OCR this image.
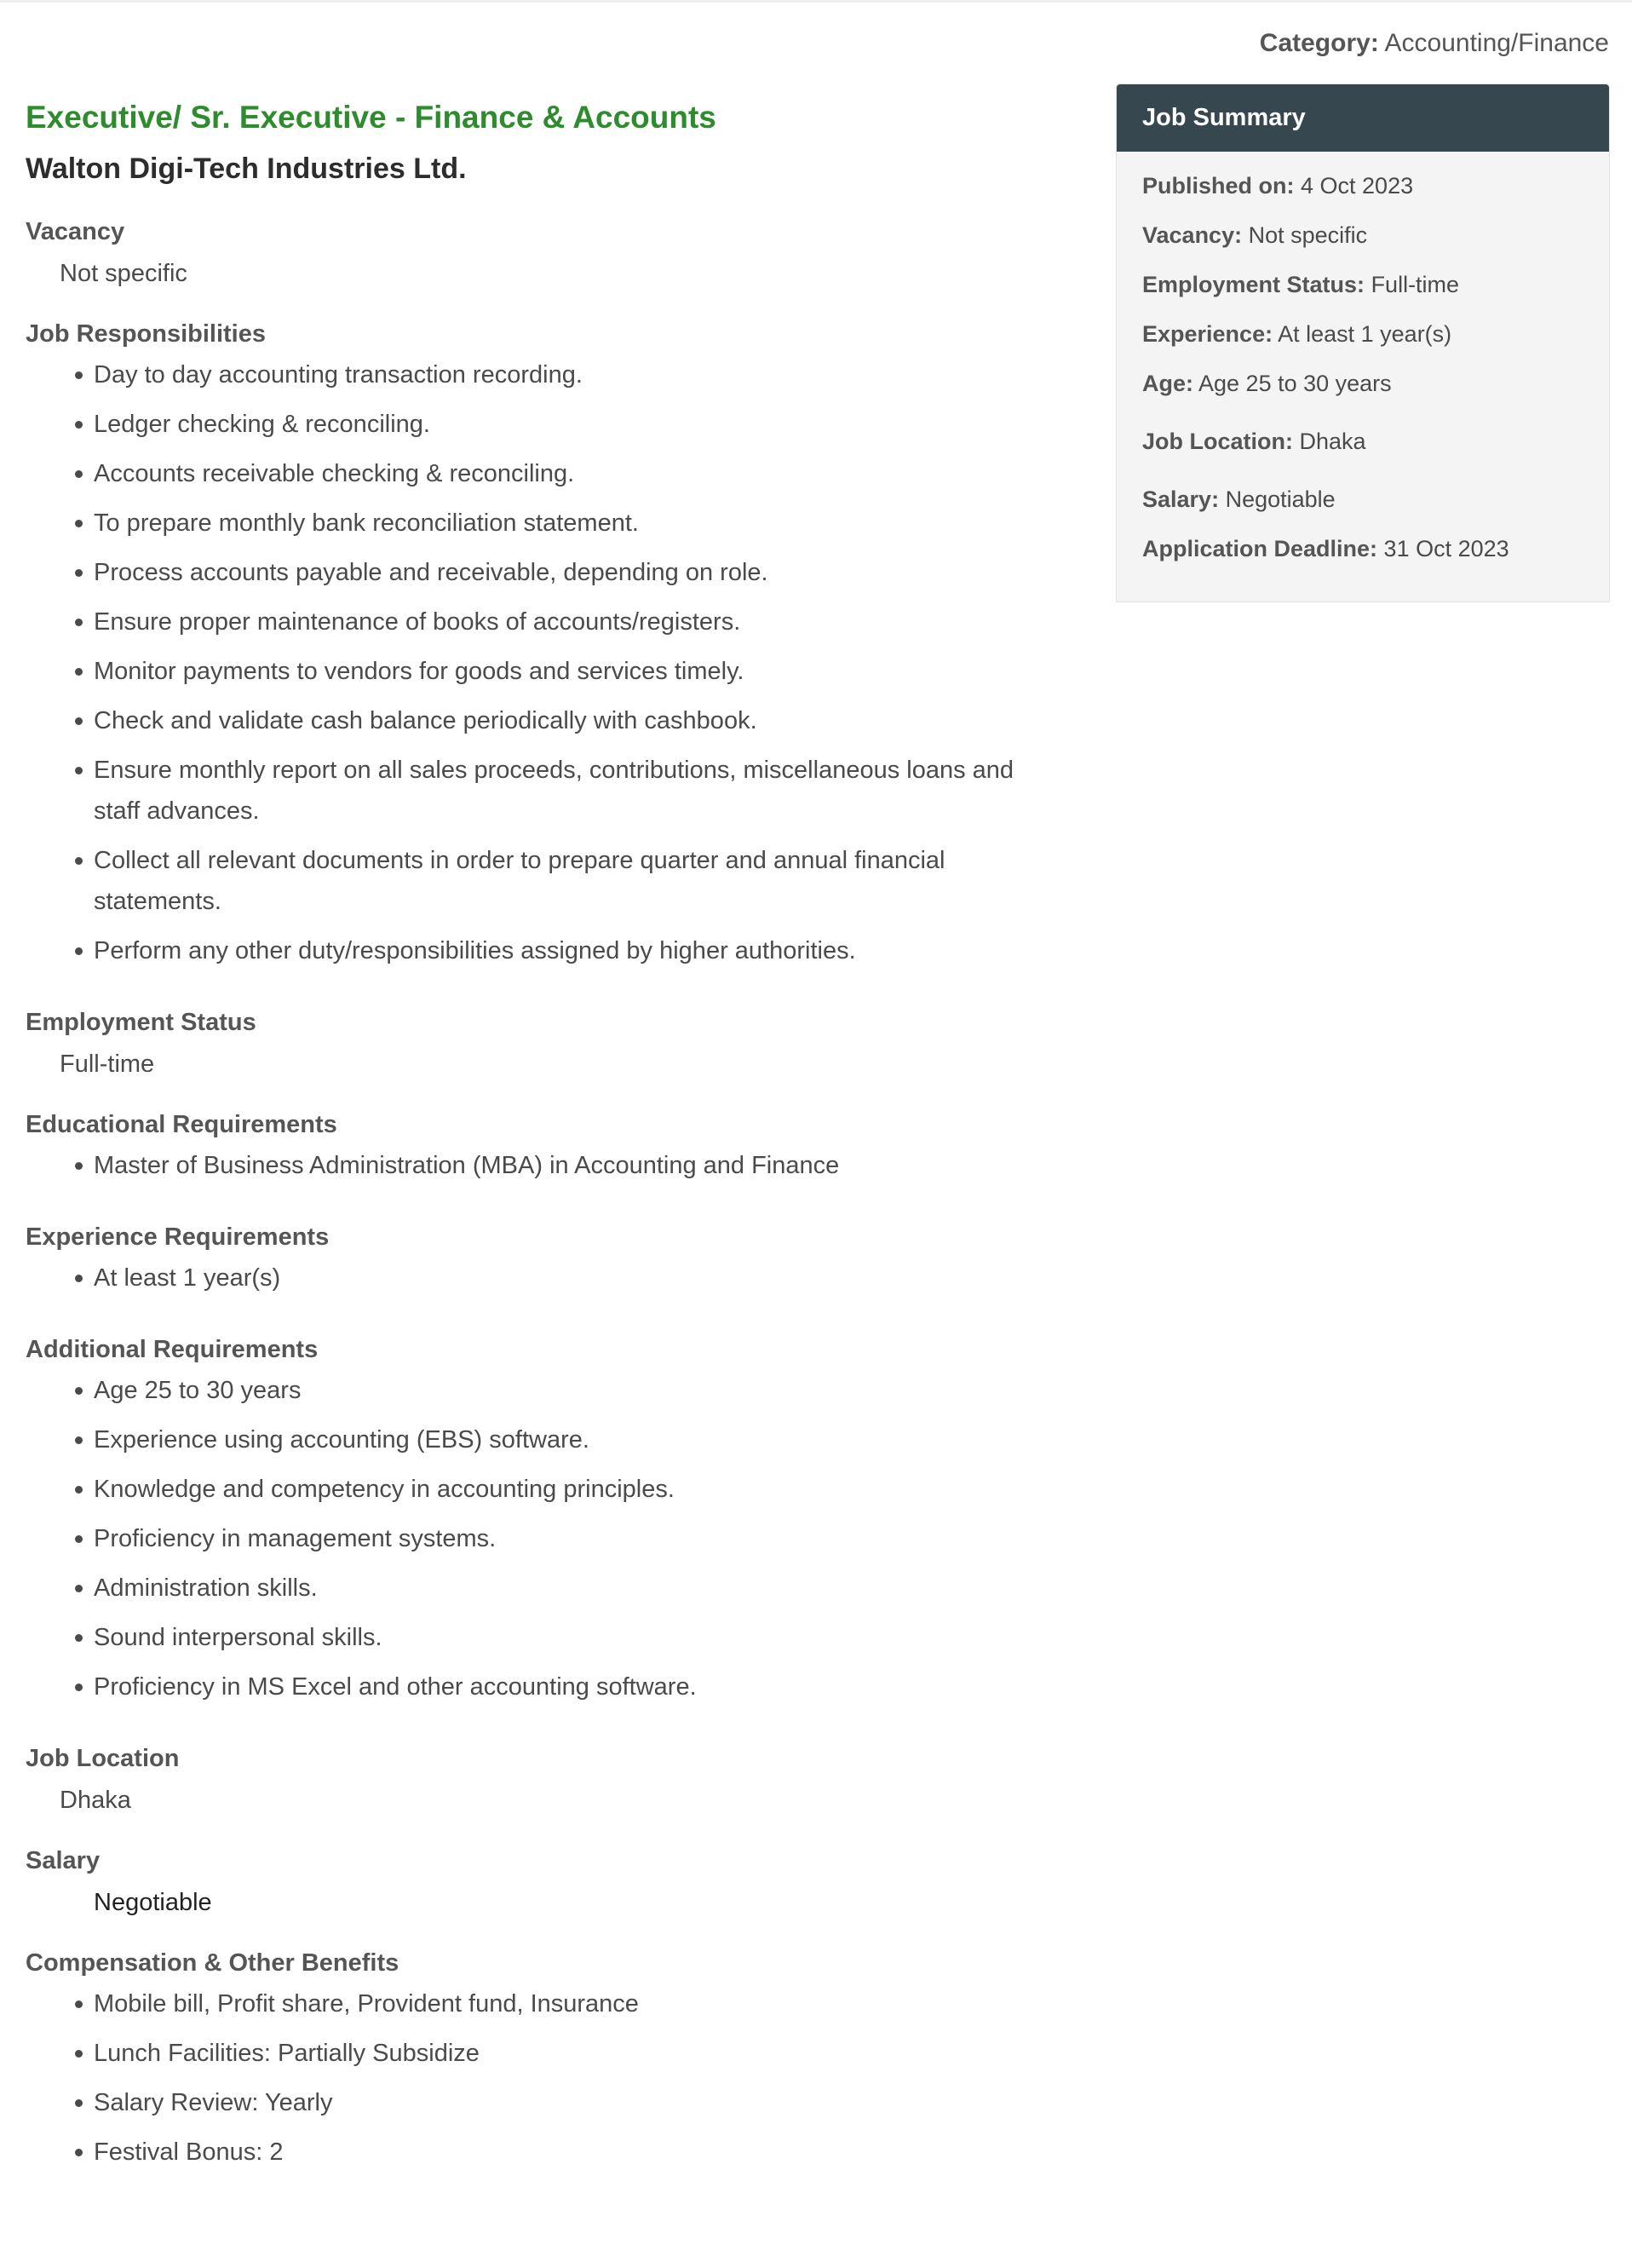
Category: Accounting/Finance
Executive/ Sr. Executive - Finance & Accounts
Walton Digi-Tech Industries Ltd.
Vacancy
Not specific
Job Responsibilities
Day to day accounting transaction recording.
Ledger checking & reconciling.
Accounts receivable checking & reconciling.
To prepare monthly bank reconciliation statement.
Process accounts payable and receivable, depending on role.
Ensure proper maintenance of books of accounts/registers.
Monitor payments to vendors for goods and services timely.
Check and validate cash balance periodically with cashbook.
Ensure monthly report on all sales proceeds, contributions, miscellaneous loans and staff advances.
Collect all relevant documents in order to prepare quarter and annual financial statements.
Perform any other duty/responsibilities assigned by higher authorities.
Employment Status
Full-time
Educational Requirements
Master of Business Administration (MBA) in Accounting and Finance
Experience Requirements
At least 1 year(s)
Additional Requirements
Age 25 to 30 years
Experience using accounting (EBS) software.
Knowledge and competency in accounting principles.
Proficiency in management systems.
Administration skills.
Sound interpersonal skills.
Proficiency in MS Excel and other accounting software.
Job Location
Dhaka
Salary
Negotiable
Compensation & Other Benefits
Mobile bill, Profit share, Provident fund, Insurance
Lunch Facilities: Partially Subsidize
Salary Review: Yearly
Festival Bonus: 2
Job Summary
Published on: 4 Oct 2023
Vacancy: Not specific
Employment Status: Full-time
Experience: At least 1 year(s)
Age: Age 25 to 30 years
Job Location: Dhaka
Salary: Negotiable
Application Deadline: 31 Oct 2023
